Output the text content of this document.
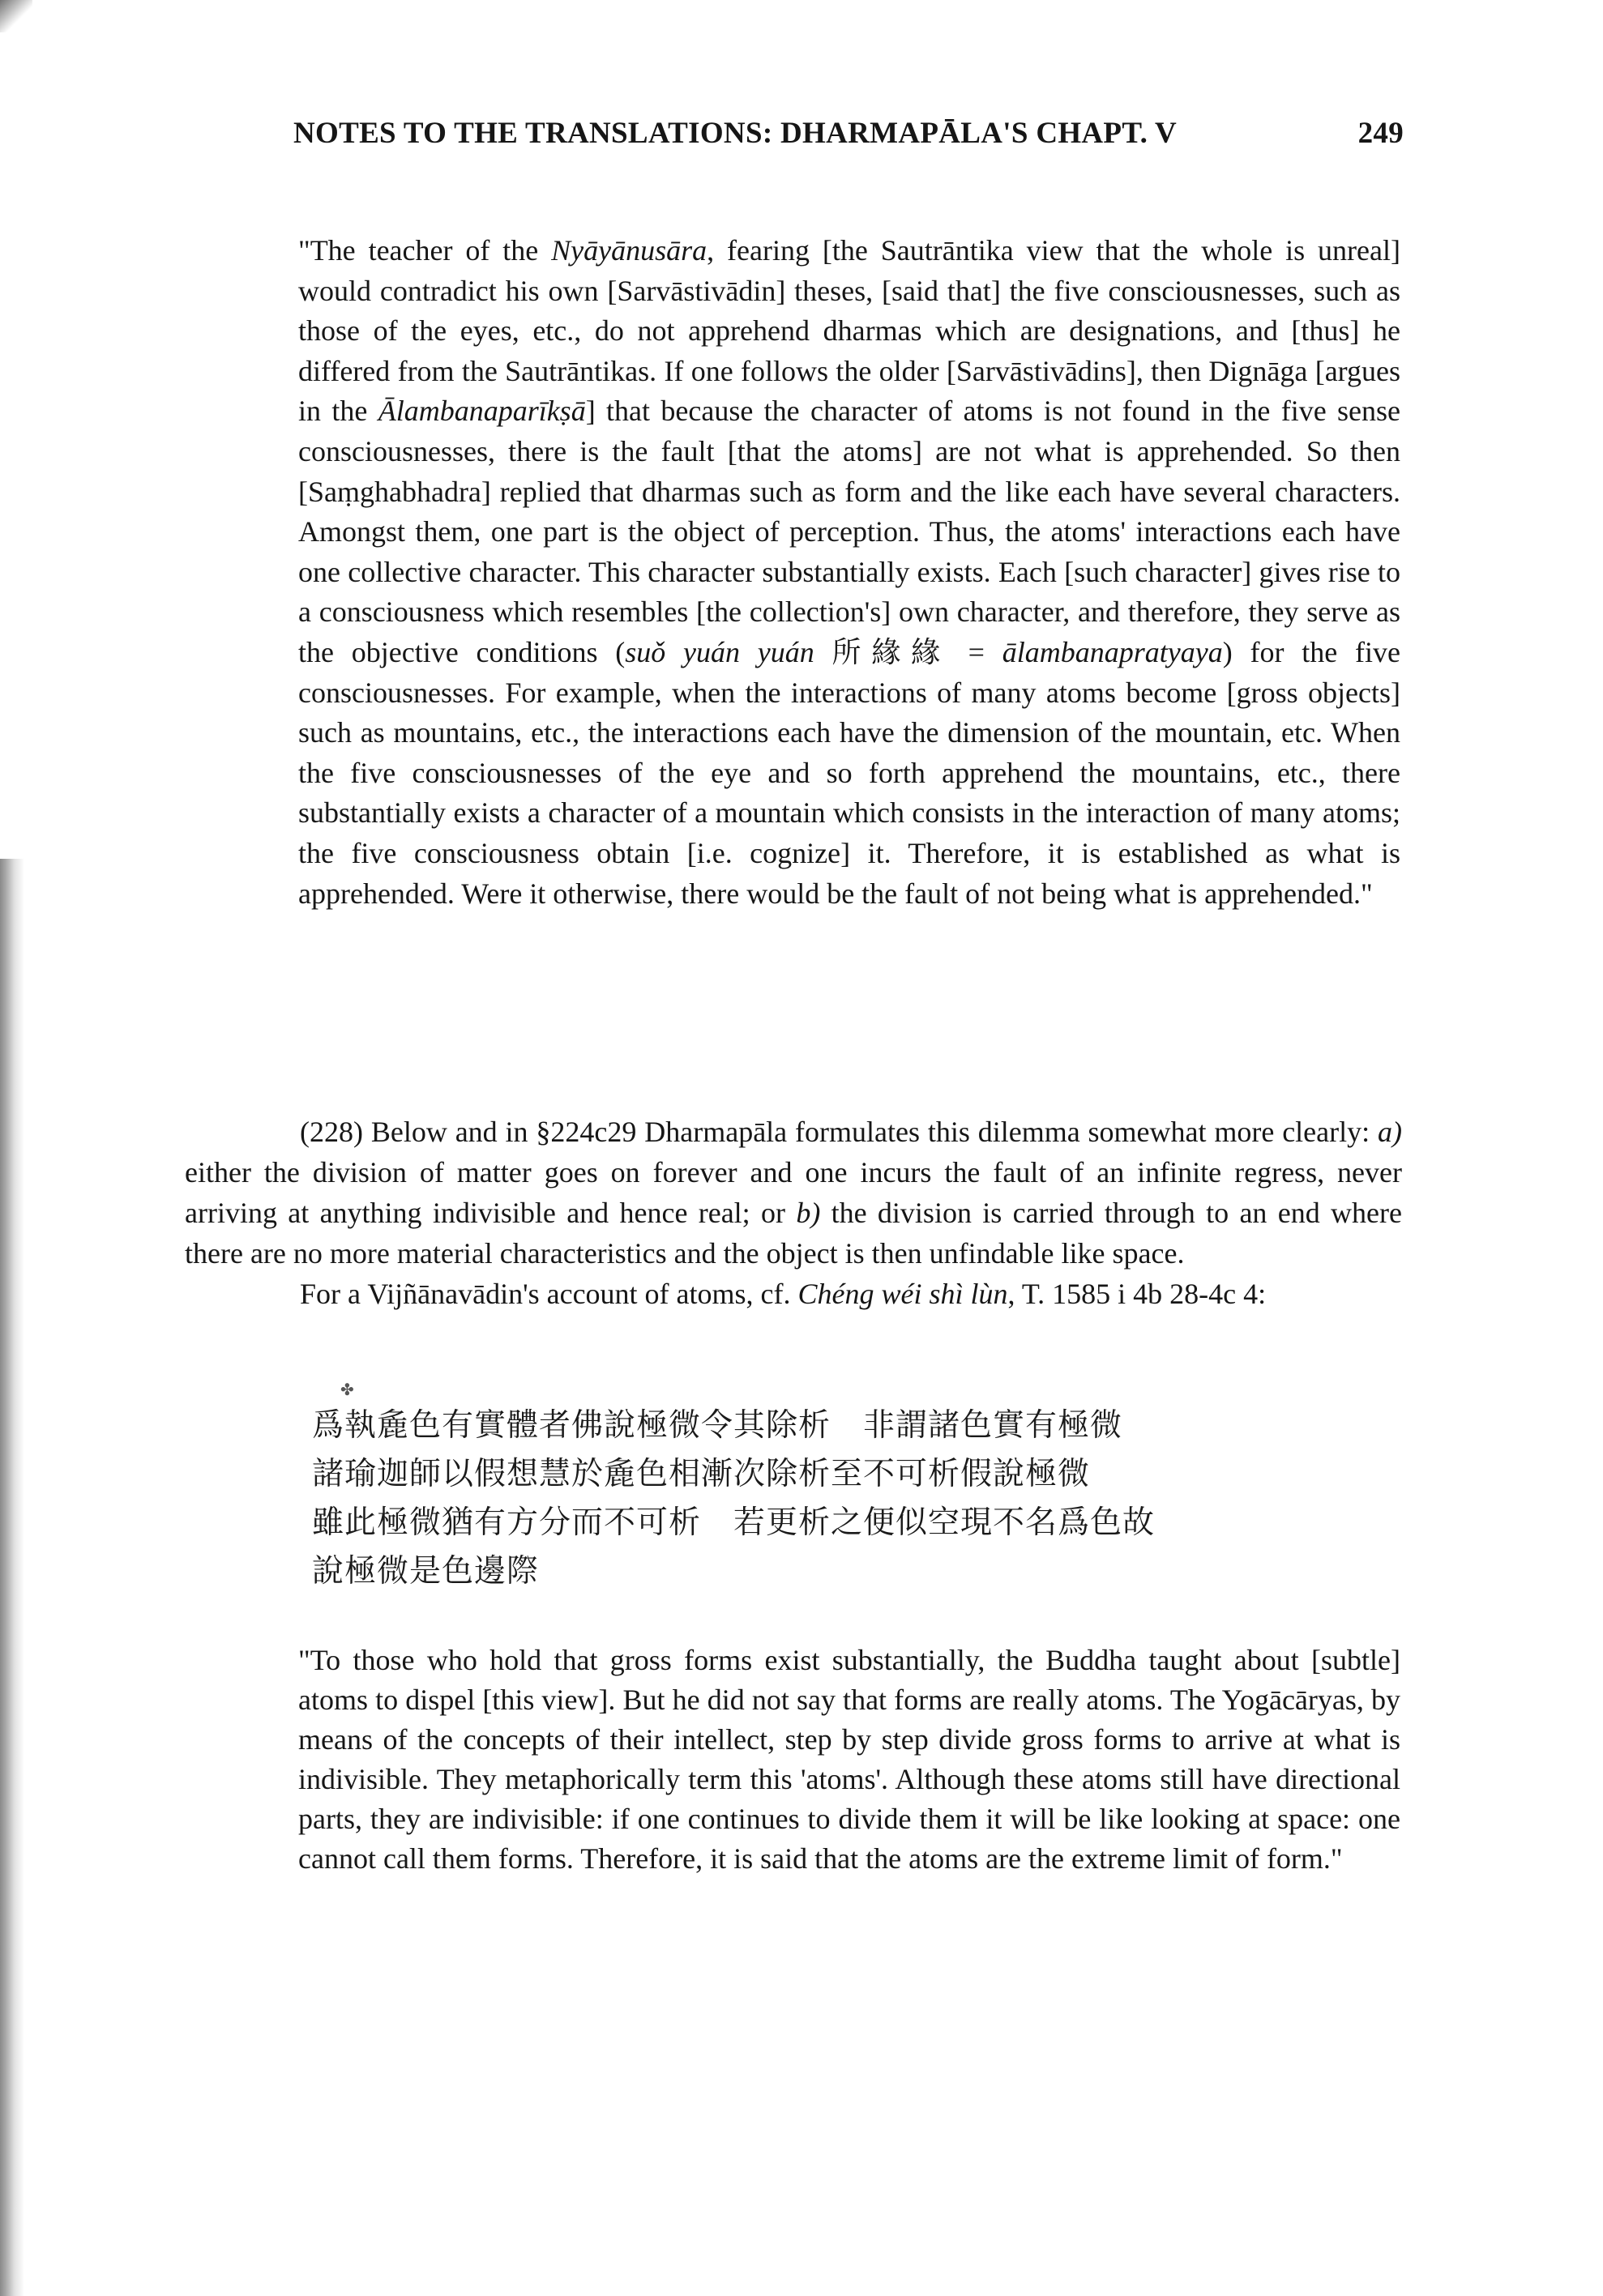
NOTES TO THE TRANSLATIONS: DHARMAPĀLA'S CHAPT. V	249
"The teacher of the Nyāyānusāra, fearing [the Sautrāntika view that the whole is unreal] would contradict his own [Sarvāstivādin] theses, [said that] the five consciousnesses, such as those of the eyes, etc., do not apprehend dharmas which are designations, and [thus] he differed from the Sautrāntikas. If one follows the older [Sarvāstivādins], then Dignāga [argues in the Ālambanaparīkṣā] that because the character of atoms is not found in the five sense consciousnesses, there is the fault [that the atoms] are not what is apprehended. So then [Saṃghabhadra] replied that dharmas such as form and the like each have several characters. Amongst them, one part is the object of perception. Thus, the atoms' interactions each have one collective character. This character substantially exists. Each [such character] gives rise to a consciousness which resembles [the collection's] own character, and therefore, they serve as the objective conditions (suǒ yuán yuán 所緣緣 = ālambanapratyaya) for the five consciousnesses. For example, when the interactions of many atoms become [gross objects] such as mountains, etc., the interactions each have the dimension of the mountain, etc. When the five consciousnesses of the eye and so forth apprehend the mountains, etc., there substantially exists a character of a mountain which consists in the interaction of many atoms; the five consciousness obtain [i.e. cognize] it. Therefore, it is established as what is apprehended. Were it otherwise, there would be the fault of not being what is apprehended."

(228) Below and in §224c29 Dharmapāla formulates this dilemma somewhat more clearly: a) either the division of matter goes on forever and one incurs the fault of an infinite regress, never arriving at anything indivisible and hence real; or b) the division is carried through to an end where there are no more material characteristics and the object is then unfindable like space.

For a Vijñānavādin's account of atoms, cf. Chéng wéi shì lùn, T. 1585 i 4b 28-4c 4:

✤
爲執麁色有實體者佛說極微令其除析　非謂諸色實有極微
諸瑜迦師以假想慧於麁色相漸次除析至不可析假說極微
雖此極微猶有方分而不可析　若更析之便似空現不名爲色故
說極微是色邊際
"To those who hold that gross forms exist substantially, the Buddha taught about [subtle] atoms to dispel [this view]. But he did not say that forms are really atoms. The Yogācāryas, by means of the concepts of their intellect, step by step divide gross forms to arrive at what is indivisible. They metaphorically term this 'atoms'. Although these atoms still have directional parts, they are indivisible: if one continues to divide them it will be like looking at space: one cannot call them forms. Therefore, it is said that the atoms are the extreme limit of form."
